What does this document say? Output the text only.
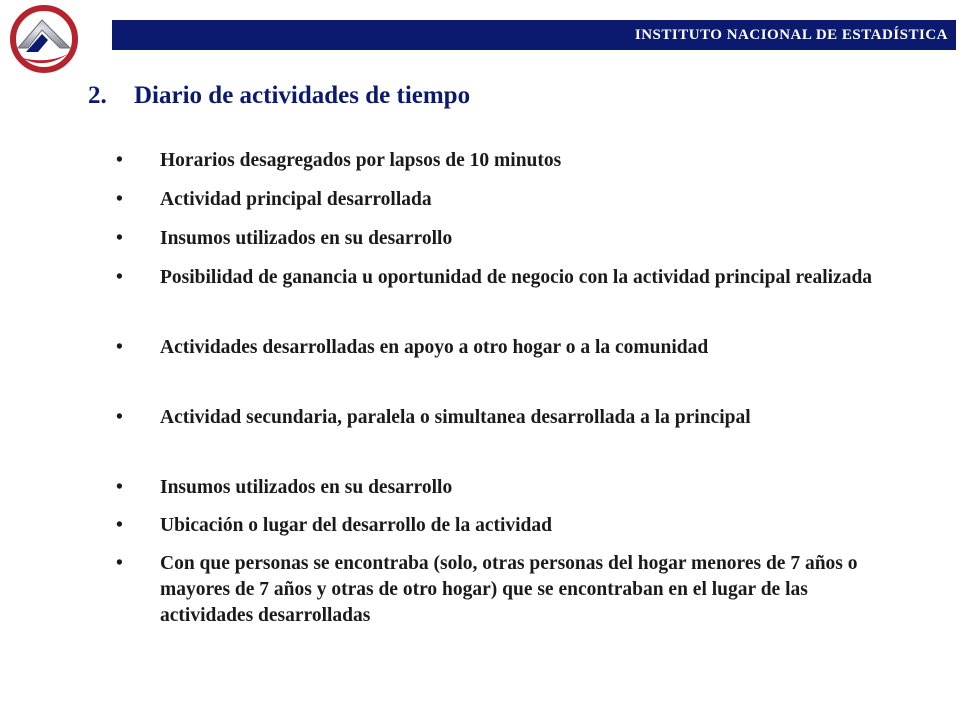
INSTITUTO NACIONAL DE ESTADÍSTICA
2. Diario de actividades de tiempo
• Horarios desagregados por lapsos de 10 minutos
• Actividad principal desarrollada
• Insumos utilizados en su desarrollo
• Posibilidad de ganancia u oportunidad de negocio con la actividad principal realizada
• Actividades desarrolladas en apoyo a otro hogar o a la comunidad
• Actividad secundaria, paralela o simultanea desarrollada a la principal
• Insumos utilizados en su desarrollo
• Ubicación o lugar del desarrollo de la actividad
• Con que personas se encontraba (solo, otras personas del hogar menores de 7 años o mayores de 7 años y otras de otro hogar) que se encontraban en el lugar de las actividades desarrolladas
